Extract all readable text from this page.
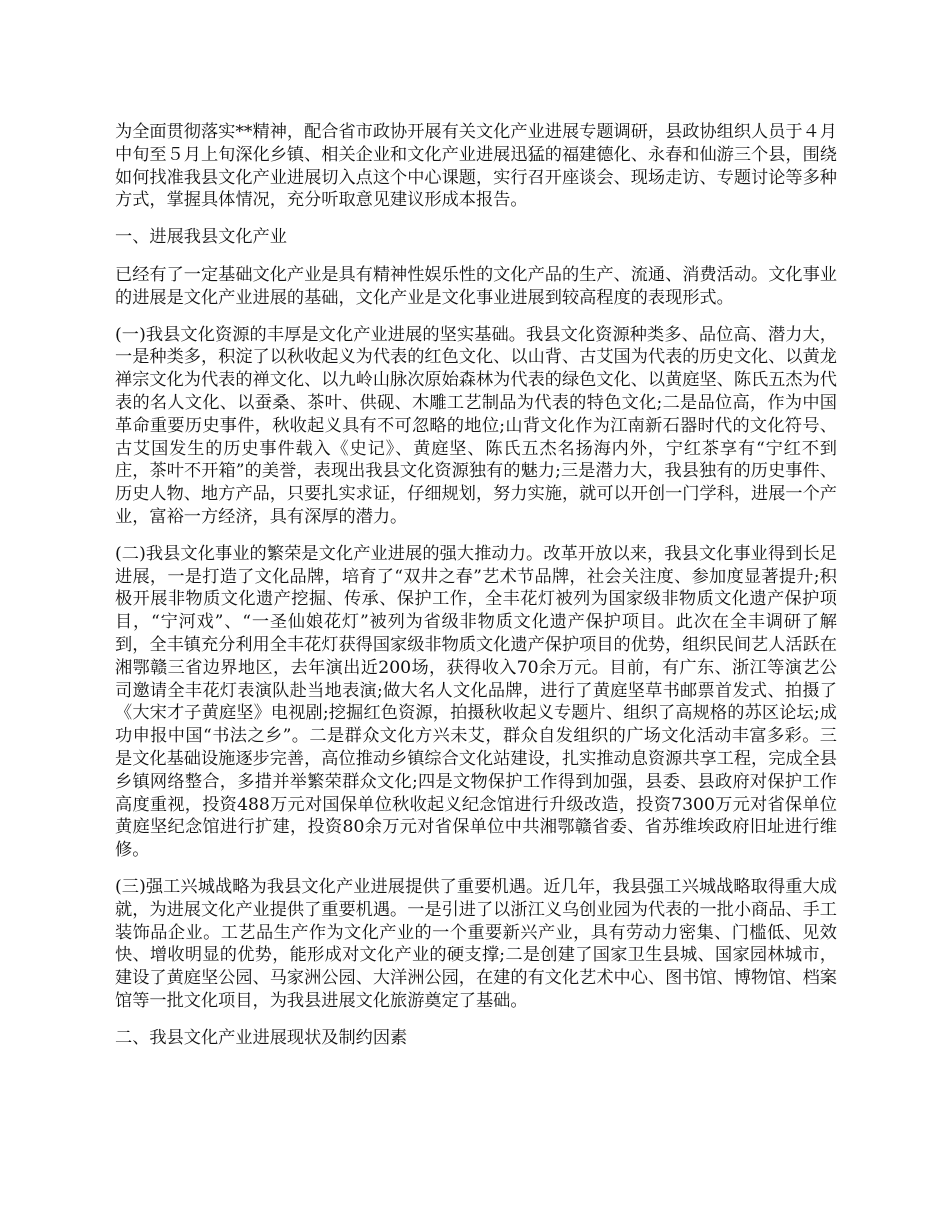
为全面贯彻落实**精神，配合省市政协开展有关文化产业进展专题调研，县政协组织人员于４月中旬至５月上旬深化乡镇、相关企业和文化产业进展迅猛的福建德化、永春和仙游三个县，围绕如何找准我县文化产业进展切入点这个中心课题，实行召开座谈会、现场走访、专题讨论等多种方式，掌握具体情况，充分听取意见建议形成本报告。

一、进展我县文化产业

已经有了一定基础文化产业是具有精神性娱乐性的文化产品的生产、流通、消费活动。文化事业的进展是文化产业进展的基础，文化产业是文化事业进展到较高程度的表现形式。

(一)我县文化资源的丰厚是文化产业进展的坚实基础。我县文化资源种类多、品位高、潜力大，一是种类多，积淀了以秋收起义为代表的红色文化、以山背、古艾国为代表的历史文化、以黄龙禅宗文化为代表的禅文化、以九岭山脉次原始森林为代表的绿色文化、以黄庭坚、陈氏五杰为代表的名人文化、以蚕桑、茶叶、供砚、木雕工艺制品为代表的特色文化;二是品位高，作为中国革命重要历史事件，秋收起义具有不可忽略的地位;山背文化作为江南新石器时代的文化符号、古艾国发生的历史事件载入《史记》、黄庭坚、陈氏五杰名扬海内外，宁红茶享有“宁红不到庄，茶叶不开箱”的美誉，表现出我县文化资源独有的魅力;三是潜力大，我县独有的历史事件、历史人物、地方产品，只要扎实求证，仔细规划，努力实施，就可以开创一门学科，进展一个产业，富裕一方经济，具有深厚的潜力。

(二)我县文化事业的繁荣是文化产业进展的强大推动力。改革开放以来，我县文化事业得到长足进展，一是打造了文化品牌，培育了“双井之春”艺术节品牌，社会关注度、参加度显著提升;积极开展非物质文化遗产挖掘、传承、保护工作，全丰花灯被列为国家级非物质文化遗产保护项目，“宁河戏”、“一圣仙娘花灯”被列为省级非物质文化遗产保护项目。此次在全丰调研了解到，全丰镇充分利用全丰花灯获得国家级非物质文化遗产保护项目的优势，组织民间艺人活跃在湘鄂赣三省边界地区，去年演出近200场，获得收入70余万元。目前，有广东、浙江等演艺公司邀请全丰花灯表演队赴当地表演;做大名人文化品牌，进行了黄庭坚草书邮票首发式、拍摄了《大宋才子黄庭坚》电视剧;挖掘红色资源，拍摄秋收起义专题片、组织了高规格的苏区论坛;成功申报中国“书法之乡”。二是群众文化方兴未艾，群众自发组织的广场文化活动丰富多彩。三是文化基础设施逐步完善，高位推动乡镇综合文化站建设，扎实推动息资源共享工程，完成全县乡镇网络整合，多措并举繁荣群众文化;四是文物保护工作得到加强，县委、县政府对保护工作高度重视，投资488万元对国保单位秋收起义纪念馆进行升级改造，投资7300万元对省保单位黄庭坚纪念馆进行扩建，投资80余万元对省保单位中共湘鄂赣省委、省苏维埃政府旧址进行维修。

(三)强工兴城战略为我县文化产业进展提供了重要机遇。近几年，我县强工兴城战略取得重大成就，为进展文化产业提供了重要机遇。一是引进了以浙江义乌创业园为代表的一批小商品、手工装饰品企业。工艺品生产作为文化产业的一个重要新兴产业，具有劳动力密集、门槛低、见效快、增收明显的优势，能形成对文化产业的硬支撑;二是创建了国家卫生县城、国家园林城市，建设了黄庭坚公园、马家洲公园、大洋洲公园，在建的有文化艺术中心、图书馆、博物馆、档案馆等一批文化项目，为我县进展文化旅游奠定了基础。

二、我县文化产业进展现状及制约因素
